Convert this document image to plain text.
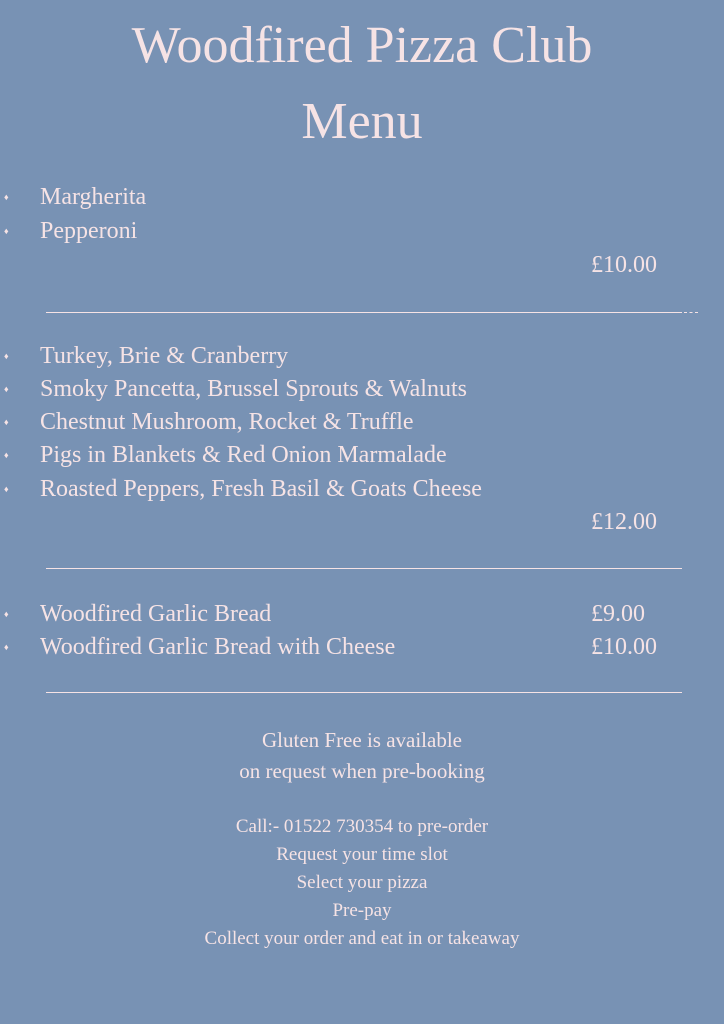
Woodfired Pizza Club
Menu
♦ Margherita
♦ Pepperoni
£10.00
♦ Turkey, Brie & Cranberry
♦ Smoky Pancetta, Brussel Sprouts & Walnuts
♦ Chestnut Mushroom, Rocket & Truffle
♦ Pigs in Blankets & Red Onion Marmalade
♦ Roasted Peppers, Fresh Basil & Goats Cheese
£12.00
♦ Woodfired Garlic Bread	£9.00
♦ Woodfired Garlic Bread with Cheese	£10.00
Gluten Free is available
on request when pre-booking
Call:- 01522 730354 to pre-order
Request your time slot
Select your pizza
Pre-pay
Collect your order and eat in or takeaway
